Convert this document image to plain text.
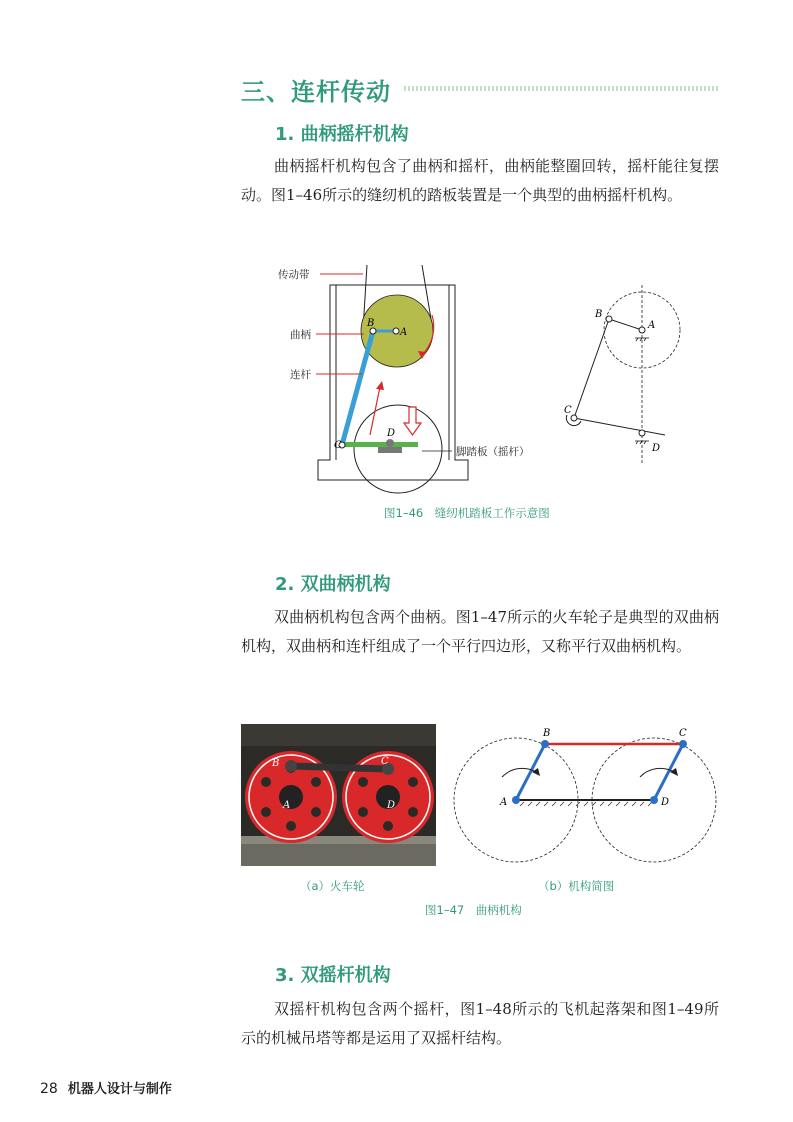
三、连杆传动
1. 曲柄摇杆机构

曲柄摇杆机构包含了曲柄和摇杆，曲柄能整圈回转，摇杆能往复摆动。图1–46所示的缝纫机的踏板装置是一个典型的曲柄摇杆机构。

传动带
曲柄
连杆
脚踏板（摇杆）
B
A
C
D
B
A
C
D
图1–46　缝纫机踏板工作示意图
2. 双曲柄机构

双曲柄机构包含两个曲柄。图1–47所示的火车轮子是典型的双曲柄机构，双曲柄和连杆组成了一个平行四边形，又称平行双曲柄机构。

B
A
C
D
B	C
A	D
（a）火车轮	（b）机构简图
图1–47　曲柄机构
3. 双摇杆机构

双摇杆机构包含两个摇杆，图1–48所示的飞机起落架和图1–49所示的机械吊塔等都是运用了双摇杆结构。

28 机器人设计与制作
